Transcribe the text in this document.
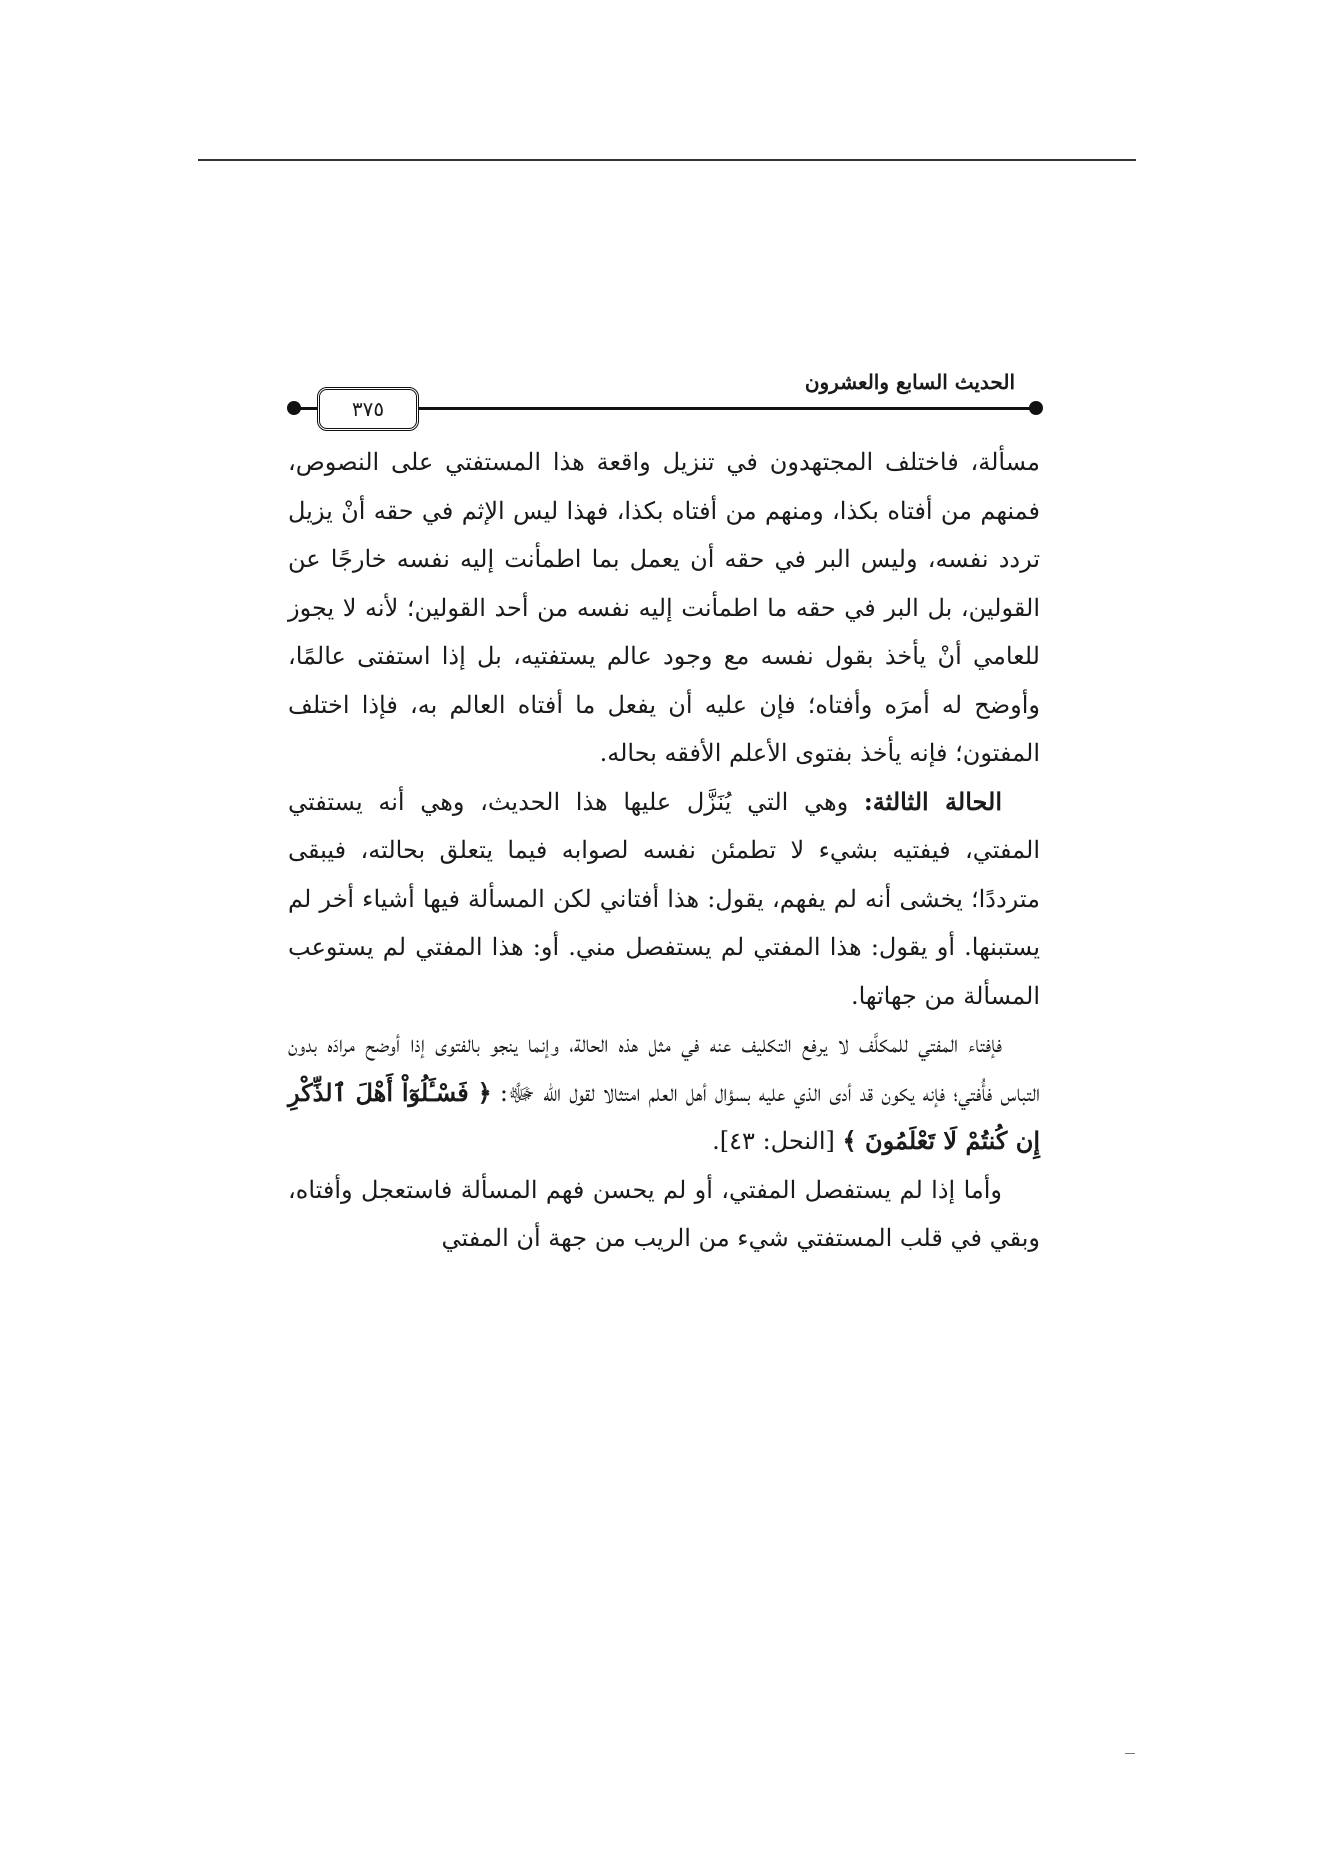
٣٧٥
الحديث السابع والعشرون

مسألة، فاختلف المجتهدون في تنزيل واقعة هذا المستفتي على النصوص، فمنهم من أفتاه بكذا، ومنهم من أفتاه بكذا، فهذا ليس الإثم في حقه أنْ يزيل تردد نفسه، وليس البر في حقه أن يعمل بما اطمأنت إليه نفسه خارجًا عن القولين، بل البر في حقه ما اطمأنت إليه نفسه من أحد القولين؛ لأنه لا يجوز للعامي أنْ يأخذ بقول نفسه مع وجود عالم يستفتيه، بل إذا استفتى عالمًا، وأوضح له أمرَه وأفتاه؛ فإن عليه أن يفعل ما أفتاه العالم به، فإذا اختلف المفتون؛ فإنه يأخذ بفتوى الأعلم الأفقه بحاله.

الحالة الثالثة: وهي التي يُنَزَّل عليها هذا الحديث، وهي أنه يستفتي المفتي، فيفتيه بشيء لا تطمئن نفسه لصوابه فيما يتعلق بحالته، فيبقى مترددًا؛ يخشى أنه لم يفهم، يقول: هذا أفتاني لكن المسألة فيها أشياء أخر لم يستبنها. أو يقول: هذا المفتي لم يستفصل مني. أو: هذا المفتي لم يستوعب المسألة من جهاتها.

فإفتاء المفتي للمكلَّف لا يرفع التكليف عنه في مثل هذه الحالة، وإنما ينجو بالفتوى إذا أوضح مرادَه بدون التباس فأُفتي؛ فإنه يكون قد أدى الذي عليه بسؤال أهل العلم امتثالا لقول الله ﷻ: ﴿ فَسْـَٔلُوٓاْ أَهْلَ ٱلذِّكْرِ إِن كُنتُمْ لَا تَعْلَمُونَ ﴾ [النحل: ٤٣].

وأما إذا لم يستفصل المفتي، أو لم يحسن فهم المسألة فاستعجل وأفتاه، وبقي في قلب المستفتي شيء من الريب من جهة أن المفتي
